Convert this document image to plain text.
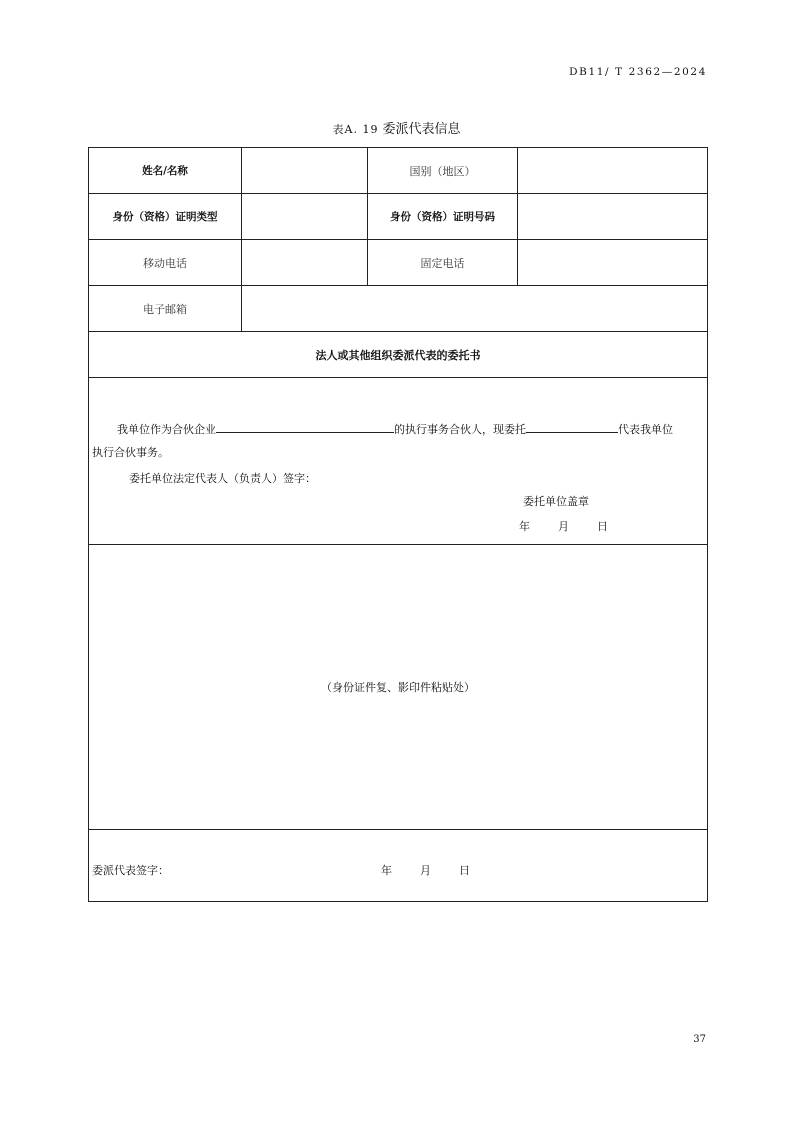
DB11/ T 2362—2024
表A. 19 委派代表信息
姓名/名称		国别（地区）	
身份（资格）证明类型		身份（资格）证明号码	
移动电话		固定电话	
电子邮箱			
法人或其他组织委派代表的委托书			

我单位作为合伙企业 的执行事务合伙人，现委托 代表我单位
执行合伙事务。
委托单位法定代表人（负责人）签字：
委托单位盖章
年 月 日			

（身份证件复、影印件粘贴处）			

委派代表签字： 年 月 日			
37
